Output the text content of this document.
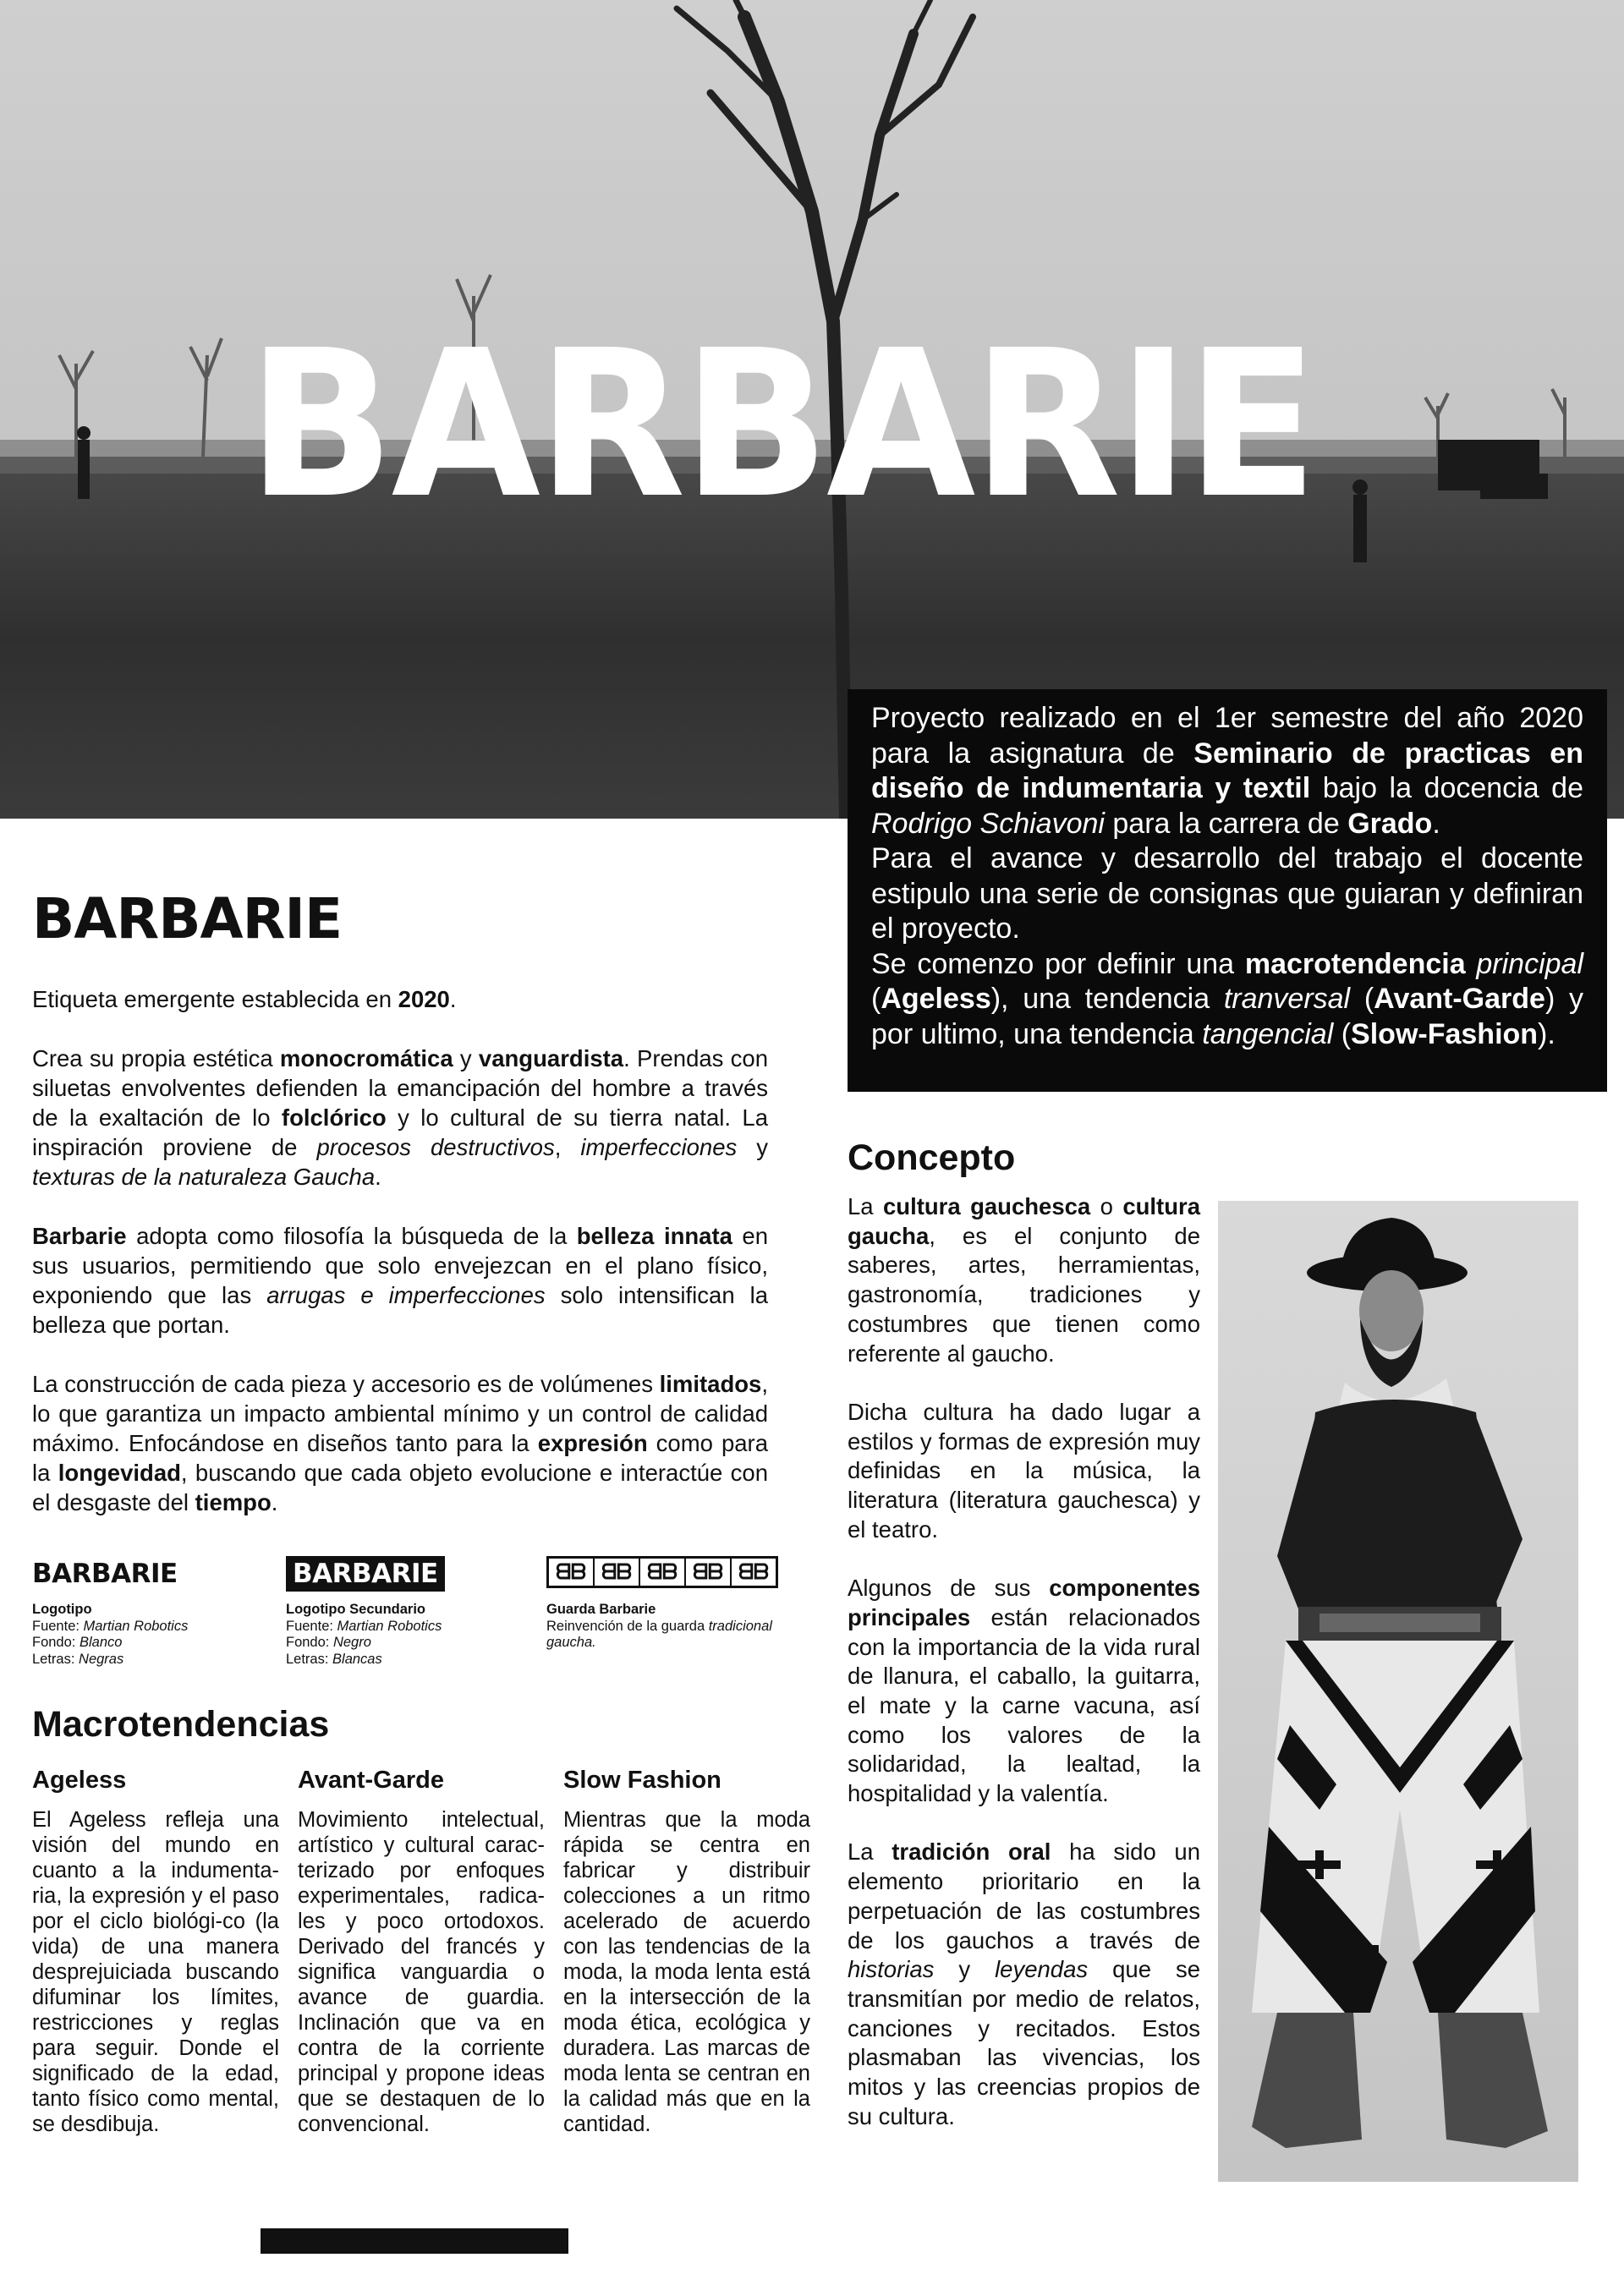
BARBARIE

Proyecto realizado en el 1er semestre del año 2020 para la asignatura de Seminario de practicas en diseño de indumentaria y textil bajo la docencia de Rodrigo Schiavoni para la carrera de Grado.

Para el avance y desarrollo del trabajo el docente estipulo una serie de consignas que guiaran y definiran el proyecto.

Se comenzo por definir una macrotendencia principal (Ageless), una tendencia tranversal (Avant-Garde) y por ultimo, una tendencia tangencial (Slow-Fashion).

BARBARIE

Etiqueta emergente establecida en 2020.

Crea su propia estética monocromática y vanguardista. Prendas con siluetas envolventes defienden la emancipación del hombre a través de la exaltación de lo folclórico y lo cultural de su tierra natal. La inspiración proviene de procesos destructivos, imperfecciones y texturas de la naturaleza Gaucha.

Barbarie adopta como filosofía la búsqueda de la belleza innata en sus usuarios, permitiendo que solo envejezcan en el plano físico, exponiendo que las arrugas e imperfecciones solo intensifican la belleza que portan.

La construcción de cada pieza y accesorio es de volúmenes limitados, lo que garantiza un impacto ambiental mínimo y un control de calidad máximo. Enfocándose en diseños tanto para la expresión como para la longevidad, buscando que cada objeto evolucione e interactúe con el desgaste del tiempo.

BARBARIE
Logotipo
Fuente: Martian Robotics
Fondo: Blanco
Letras: Negras
BARBARIE
Logotipo Secundario
Fuente: Martian Robotics
Fondo: Negro
Letras: Blancas
ᗺᗷ ᗺᗷ ᗺᗷ ᗺᗷ ᗺᗷ
Guarda Barbarie
Reinvención de la guarda tradicional gaucha.
Macrotendencias
Ageless

El Ageless refleja una visión del mundo en cuanto a la indumenta-ria, la expresión y el paso por el ciclo biológi-co (la vida) de una manera desprejuiciada buscando difuminar los límites, restricciones y reglas para seguir. Donde el significado de la edad, tanto físico como mental, se desdibuja.

Avant-Garde

Movimiento intelectual, artístico y cultural carac-terizado por enfoques experimentales, radica-les y poco ortodoxos. Derivado del francés y significa vanguardia o avance de guardia. Inclinación que va en contra de la corriente principal y propone ideas que se destaquen de lo convencional.

Slow Fashion

Mientras que la moda rápida se centra en fabricar y distribuir colecciones a un ritmo acelerado de acuerdo con las tendencias de la moda, la moda lenta está en la intersección de la moda ética, ecológica y duradera. Las marcas de moda lenta se centran en la calidad más que en la cantidad.

Concepto

La cultura gauchesca o cultura gaucha, es el conjunto de saberes, artes, herramientas, gastronomía, tradiciones y costumbres que tienen como referente al gaucho.

Dicha cultura ha dado lugar a estilos y formas de expresión muy definidas en la música, la literatura (literatura gauchesca) y el teatro.

Algunos de sus componentes principales están relacionados con la importancia de la vida rural de llanura, el caballo, la guitarra, el mate y la carne vacuna, así como los valores de la solidaridad, la lealtad, la hospitalidad y la valentía.

La tradición oral ha sido un elemento prioritario en la perpetuación de las costumbres de los gauchos a través de historias y leyendas que se transmitían por medio de relatos, canciones y recitados. Estos plasmaban las vivencias, los mitos y las creencias propios de su cultura.
